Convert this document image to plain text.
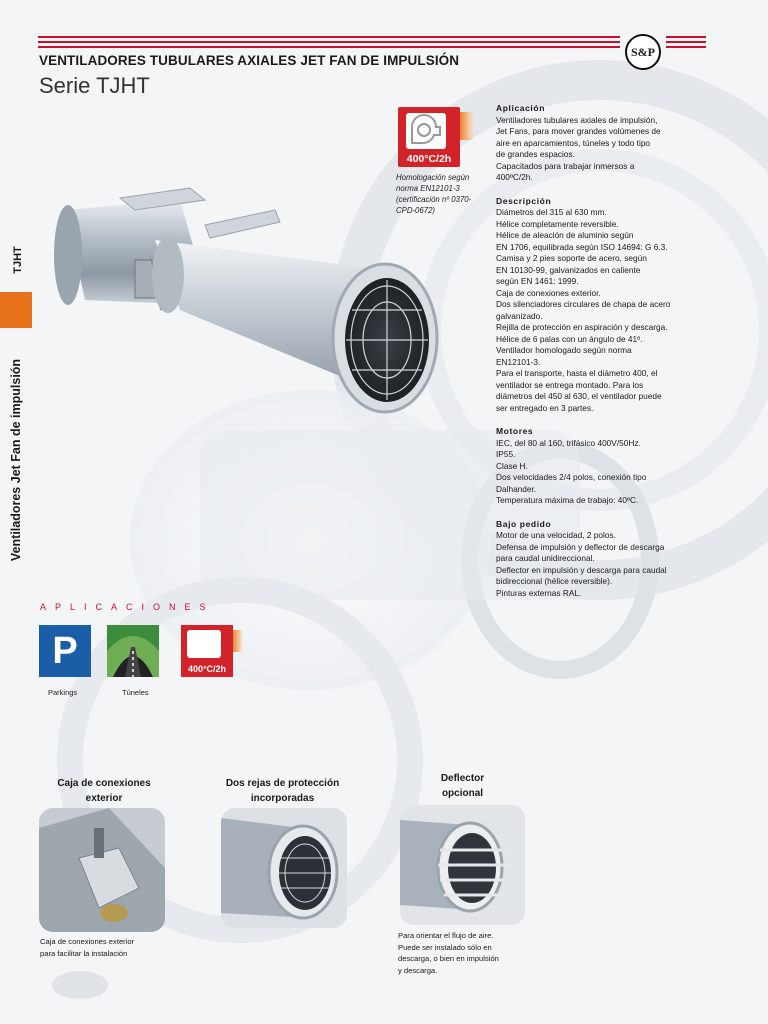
S&P
VENTILADORES TUBULARES AXIALES JET FAN DE IMPULSIÓN
Serie TJHT
TJHT
Ventiladores Jet Fan de impulsión
400°C/2h
Homologación según norma EN12101-3 (certificación nº 0370-CPD-0672)
Aplicación

Ventiladores tubulares axiales de impulsión,

Jet Fans, para mover grandes volúmenes de

aire en aparcamientos, túneles y todo tipo

de grandes espacios.

Capacitados para trabajar inmersos a

400ºC/2h.

Descripción

Diámetros del 315 al 630 mm.

Hélice completamente reversible.

Hélice de aleación de aluminio según

EN 1706, equilibrada según ISO 14694: G 6.3.

Camisa y 2 pies soporte de acero, según

EN 10130-99, galvanizados en caliente

según EN 1461: 1999.

Caja de conexiones exterior.

Dos silenciadores circulares de chapa de acero

galvanizado.

Rejilla de protección en aspiración y descarga.

Hélice de 6 palas con un ángulo de 41º.

Ventilador homologado según norma

EN12101-3.

Para el transporte, hasta el diámetro 400, el

ventilador se entrega montado. Para los

diámetros del 450 al 630, el ventilador puede

ser entregado en 3 partes.

Motores

IEC, del 80 al 160, trifásico 400V/50Hz.

IP55.

Clase H.

Dos velocidades 2/4 polos, conexión tipo

Dalhander.

Temperatura máxima de trabajo: 40ºC.

Bajo pedido

Motor de una velocidad, 2 polos.

Defensa de impulsión y deflector de descarga

para caudal unidireccional.

Deflector en impulsión y descarga para caudal

bidireccional (hélice reversible).

Pinturas externas RAL.

APLICACIONES
P	400°C/2h
Parkings	Túneles
Caja de conexiones
exterior
Caja de conexiones exterior
para facilitar la instalación
Dos rejas de protección
incorporadas
Deflector
opcional
Para orientar el flujo de aire.
Puede ser instalado sólo en
descarga, o bien en impulsión
y descarga.
